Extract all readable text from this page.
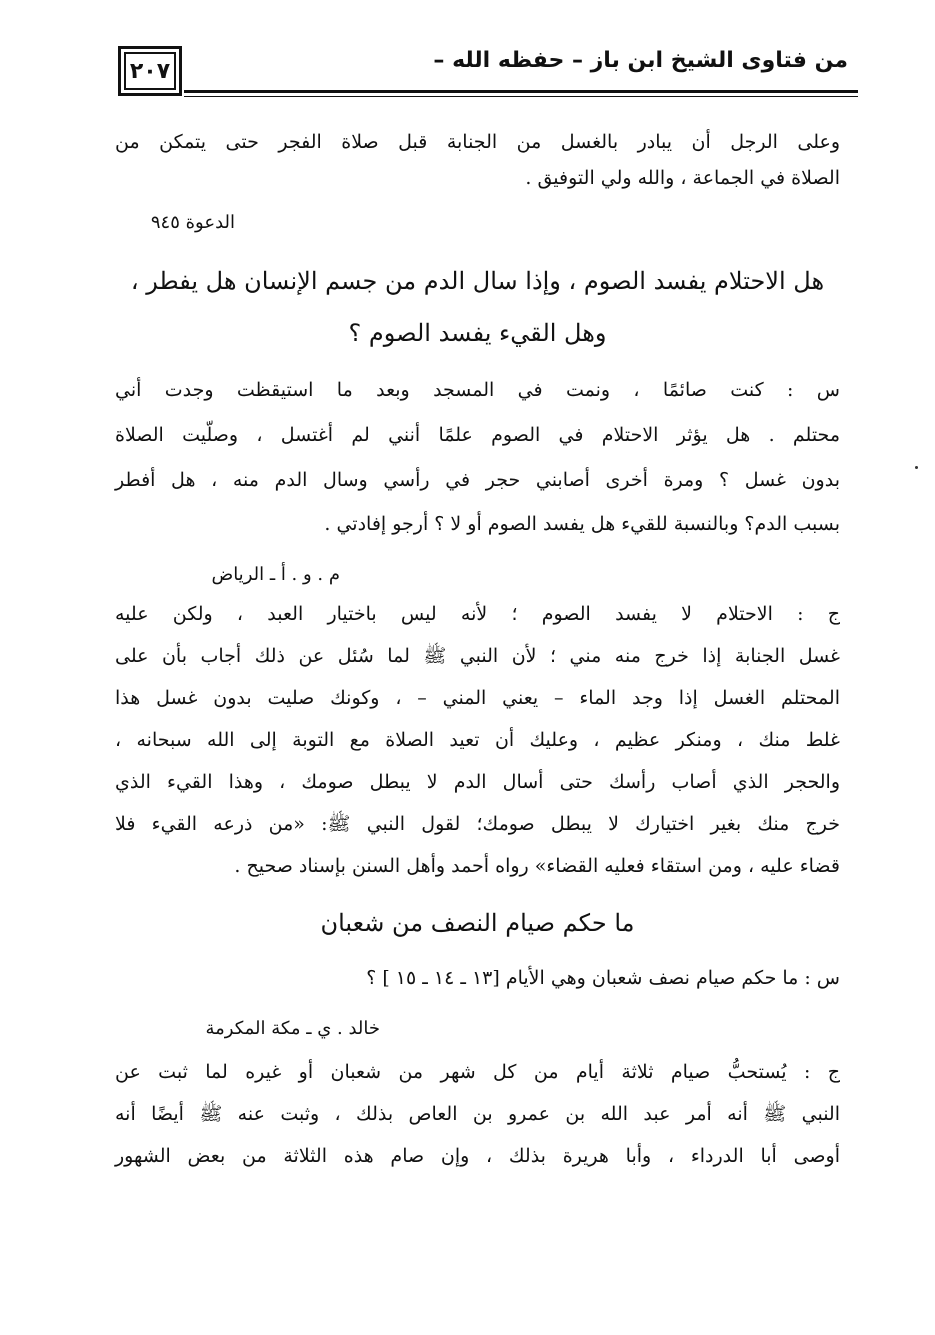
٢٠٧	من فتاوى الشيخ ابن باز – حفظه الله –
وعلى الرجل أن يبادر بالغسل من الجنابة قبل صلاة الفجر حتى يتمكن من
الصلاة في الجماعة ، والله ولي التوفيق .
الدعوة ٩٤٥
هل الاحتلام يفسد الصوم ، وإذا سال الدم من جسم الإنسان هل يفطر ،
وهل القيء يفسد الصوم ؟
س : كنت صائمًا ، ونمت في المسجد وبعد ما استيقظت وجدت أني
محتلم . هل يؤثر الاحتلام في الصوم علمًا أنني لم أغتسل ، وصلّيت الصلاة
بدون غسل ؟ ومرة أخرى أصابني حجر في رأسي وسال الدم منه ، هل أفطر
بسبب الدم؟ وبالنسبة للقيء هل يفسد الصوم أو لا ؟ أرجو إفادتي .
م . و . أ ـ الرياض
ج : الاحتلام لا يفسد الصوم ؛ لأنه ليس باختيار العبد ، ولكن عليه
غسل الجنابة إذا خرج منه مني ؛ لأن النبي ﷺ لما سُئل عن ذلك أجاب بأن على
المحتلم الغسل إذا وجد الماء – يعني المني – ، وكونك صليت بدون غسل هذا
غلط منك ، ومنكر عظيم ، وعليك أن تعيد الصلاة مع التوبة إلى الله سبحانه ،
والحجر الذي أصاب رأسك حتى أسال الدم لا يبطل صومك ، وهذا القيء الذي
خرج منك بغير اختيارك لا يبطل صومك؛ لقول النبي ﷺ: «من ذرعه القيء فلا
قضاء عليه ، ومن استقاء فعليه القضاء» رواه أحمد وأهل السنن بإسناد صحيح .
ما حكم صيام النصف من شعبان
س : ما حكم صيام نصف شعبان وهي الأيام [١٣ ـ ١٤ ـ ١٥ ] ؟
خالد . ي ـ مكة المكرمة
ج : يُستحبُّ صيام ثلاثة أيام من كل شهر من شعبان أو غيره لما ثبت عن
النبي ﷺ أنه أمر عبد الله بن عمرو بن العاص بذلك ، وثبت عنه ﷺ أيضًا أنه
أوصى أبا الدرداء ، وأبا هريرة بذلك ، وإن صام هذه الثلاثة من بعض الشهور
